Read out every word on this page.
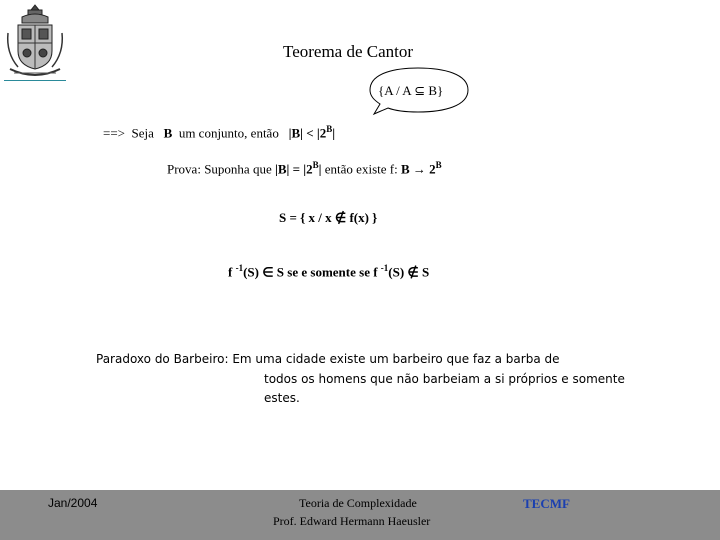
Teorema de Cantor
{A / A ⊆ B}
==> Seja B um conjunto, então $|B| < |2^B|$
Prova: Suponha que $|B| = |2^B|$ então existe f: $B \to 2^B$
S = { x / x ∉ f(x) }
f $^{-1}$(S) ∈ S se e somente se f $^{-1}$(S) ∉ S
Paradoxo do Barbeiro: Em uma cidade existe um barbeiro que faz a barba de
todos os homens que não barbeiam a si próprios e somente
estes.
Jan/2004	Teoria de Complexidade
Prof. Edward Hermann Haeusler
TECMF
